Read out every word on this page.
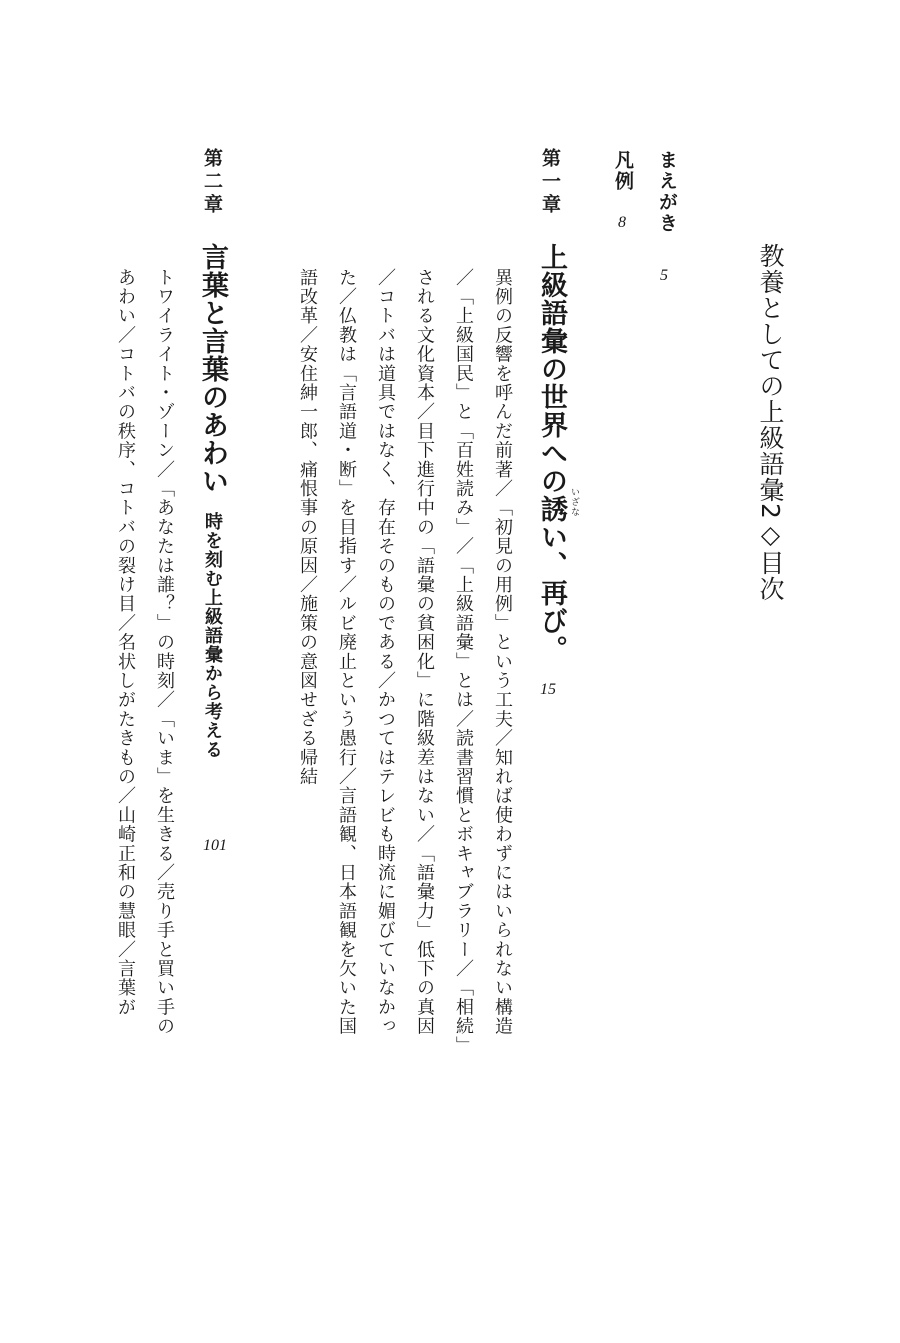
教養としての上級語彙2◇目次
まえがき
5
凡例
8
第一章
上級語彙の世界への誘い、再び。 いざな
15
異例の反響を呼んだ前著／「初見の用例」という工夫／知れば使わずにはいられない構造
／「上級国民」と「百姓読み」／「上級語彙」とは／読書習慣とボキャブラリー／「相続」
される文化資本／目下進行中の「語彙の貧困化」に階級差はない／「語彙力」低下の真因
／コトバは道具ではなく、存在そのものである／かつてはテレビも時流に媚びていなかっ
た／仏教は「言語道・断」を目指す／ルビ廃止という愚行／言語観、日本語観を欠いた国
語改革／安住紳一郎、痛恨事の原因／施策の意図せざる帰結
第二章
言葉と言葉のあわい
時を刻む上級語彙から考える
101
トワイライト・ゾーン／「あなたは誰？」の時刻／「いま」を生きる／売り手と買い手の
あわい／コトバの秩序、コトバの裂け目／名状しがたきもの／山崎正和の慧眼／言葉が
